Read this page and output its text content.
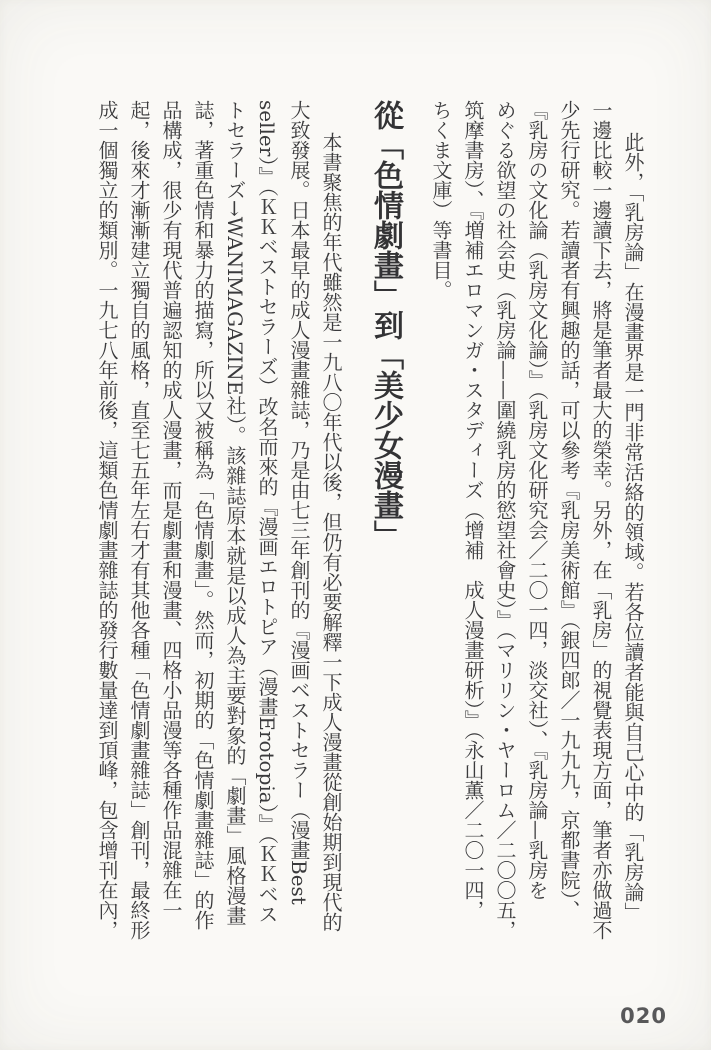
此外，「乳房論」在漫畫界是一門非常活絡的領域。若各位讀者能與自己心中的「乳房論」

一邊比較一邊讀下去，將是筆者最大的榮幸。另外，在「乳房」的視覺表現方面，筆者亦做過不

少先行研究。若讀者有興趣的話，可以參考『乳房美術館』（銀四郎／一九九九，京都書院）、

『乳房の文化論（乳房文化論）』（乳房文化研究会／二〇一四，淡交社）、『乳房論—乳房を

めぐる欲望の社会史（乳房論——圍繞乳房的慾望社會史）』（マリリン・ヤーロム／二〇〇五，

筑摩書房）、『増補エロマンガ・スタディーズ（增補　成人漫畫研析）』（永山薫／二〇一四，

ちくま文庫）等書目。

從「色情劇畫」到「美少女漫畫」

本書聚焦的年代雖然是一九八〇年代以後，但仍有必要解釋一下成人漫畫從創始期到現代的

大致發展。日本最早的成人漫畫雜誌，乃是由七三年創刊的『漫画ベストセラー（漫畫Best

seller）』（ＫＫベストセラーズ）改名而來的『漫画エロトピア（漫畫Erotopia）』（ＫＫベス

トセラーズ→WANIMAGAZINE社）。該雜誌原本就是以成人為主要對象的「劇畫」風格漫畫

誌，著重色情和暴力的描寫，所以又被稱為「色情劇畫」。然而，初期的「色情劇畫雜誌」的作

品構成，很少有現代普遍認知的成人漫畫，而是劇畫和漫畫、四格小品漫等各種作品混雜在一

起，後來才漸漸建立獨自的風格，直至七五年左右才有其他各種「色情劇畫雜誌」創刊，最終形

成一個獨立的類別。一九七八年前後，這類色情劇畫雜誌的發行數量達到頂峰，包含增刊在內，

020
